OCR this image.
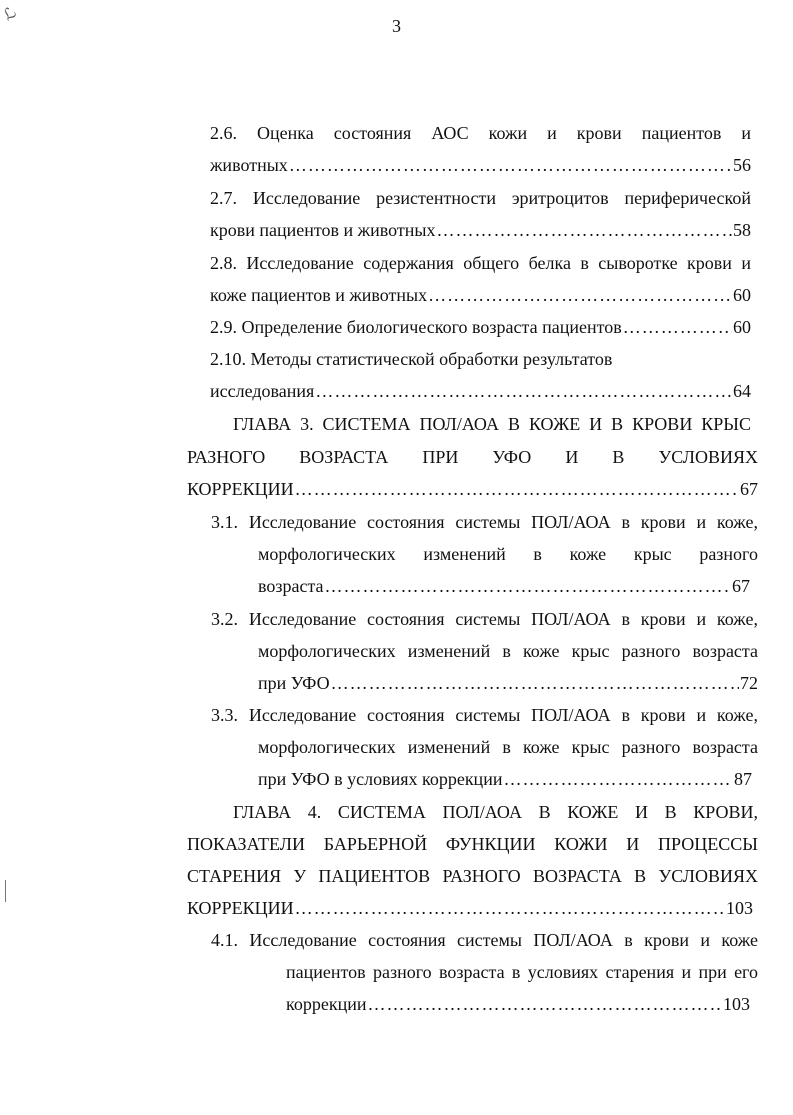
ℒ
3
2.6. Оценка состояния АОС кожи и крови пациентов и
животных ……………………………………………………………………………………………………………………………………	56
2.7. Исследование резистентности эритроцитов периферической
крови пациентов и животных ……………………………………………………………………………………………………………………………………	58
2.8. Исследование содержания общего белка в сыворотке крови и
коже пациентов и животных ……………………………………………………………………………………………………………………………………	60
2.9. Определение биологического возраста пациентов ……………………………………………………………………………………………………………………………………	60
2.10. Методы статистической обработки результатов
исследования ……………………………………………………………………………………………………………………………………	64
ГЛАВА 3. СИСТЕМА ПОЛ/АОА В КОЖЕ И В КРОВИ КРЫС
РАЗНОГО ВОЗРАСТА ПРИ УФО И В УСЛОВИЯХ
КОРРЕКЦИИ ……………………………………………………………………………………………………………………………………	67
3.1. Исследование состояния системы ПОЛ/АОА в крови и коже,
морфологических изменений в коже крыс разного
возраста ……………………………………………………………………………………………………………………………………	67
3.2. Исследование состояния системы ПОЛ/АОА в крови и коже,
морфологических изменений в коже крыс разного возраста
при УФО ……………………………………………………………………………………………………………………………………	72
3.3. Исследование состояния системы ПОЛ/АОА в крови и коже,
морфологических изменений в коже крыс разного возраста
при УФО в условиях коррекции ……………………………………………………………………………………………………………………………………	87
ГЛАВА 4. СИСТЕМА ПОЛ/АОА В КОЖЕ И В КРОВИ,
ПОКАЗАТЕЛИ БАРЬЕРНОЙ ФУНКЦИИ КОЖИ И ПРОЦЕССЫ
СТАРЕНИЯ У ПАЦИЕНТОВ РАЗНОГО ВОЗРАСТА В УСЛОВИЯХ
КОРРЕКЦИИ ……………………………………………………………………………………………………………………………………	103
4.1. Исследование состояния системы ПОЛ/АОА в крови и коже
пациентов разного возраста в условиях старения и при его
коррекции ……………………………………………………………………………………………………………………………………	103
